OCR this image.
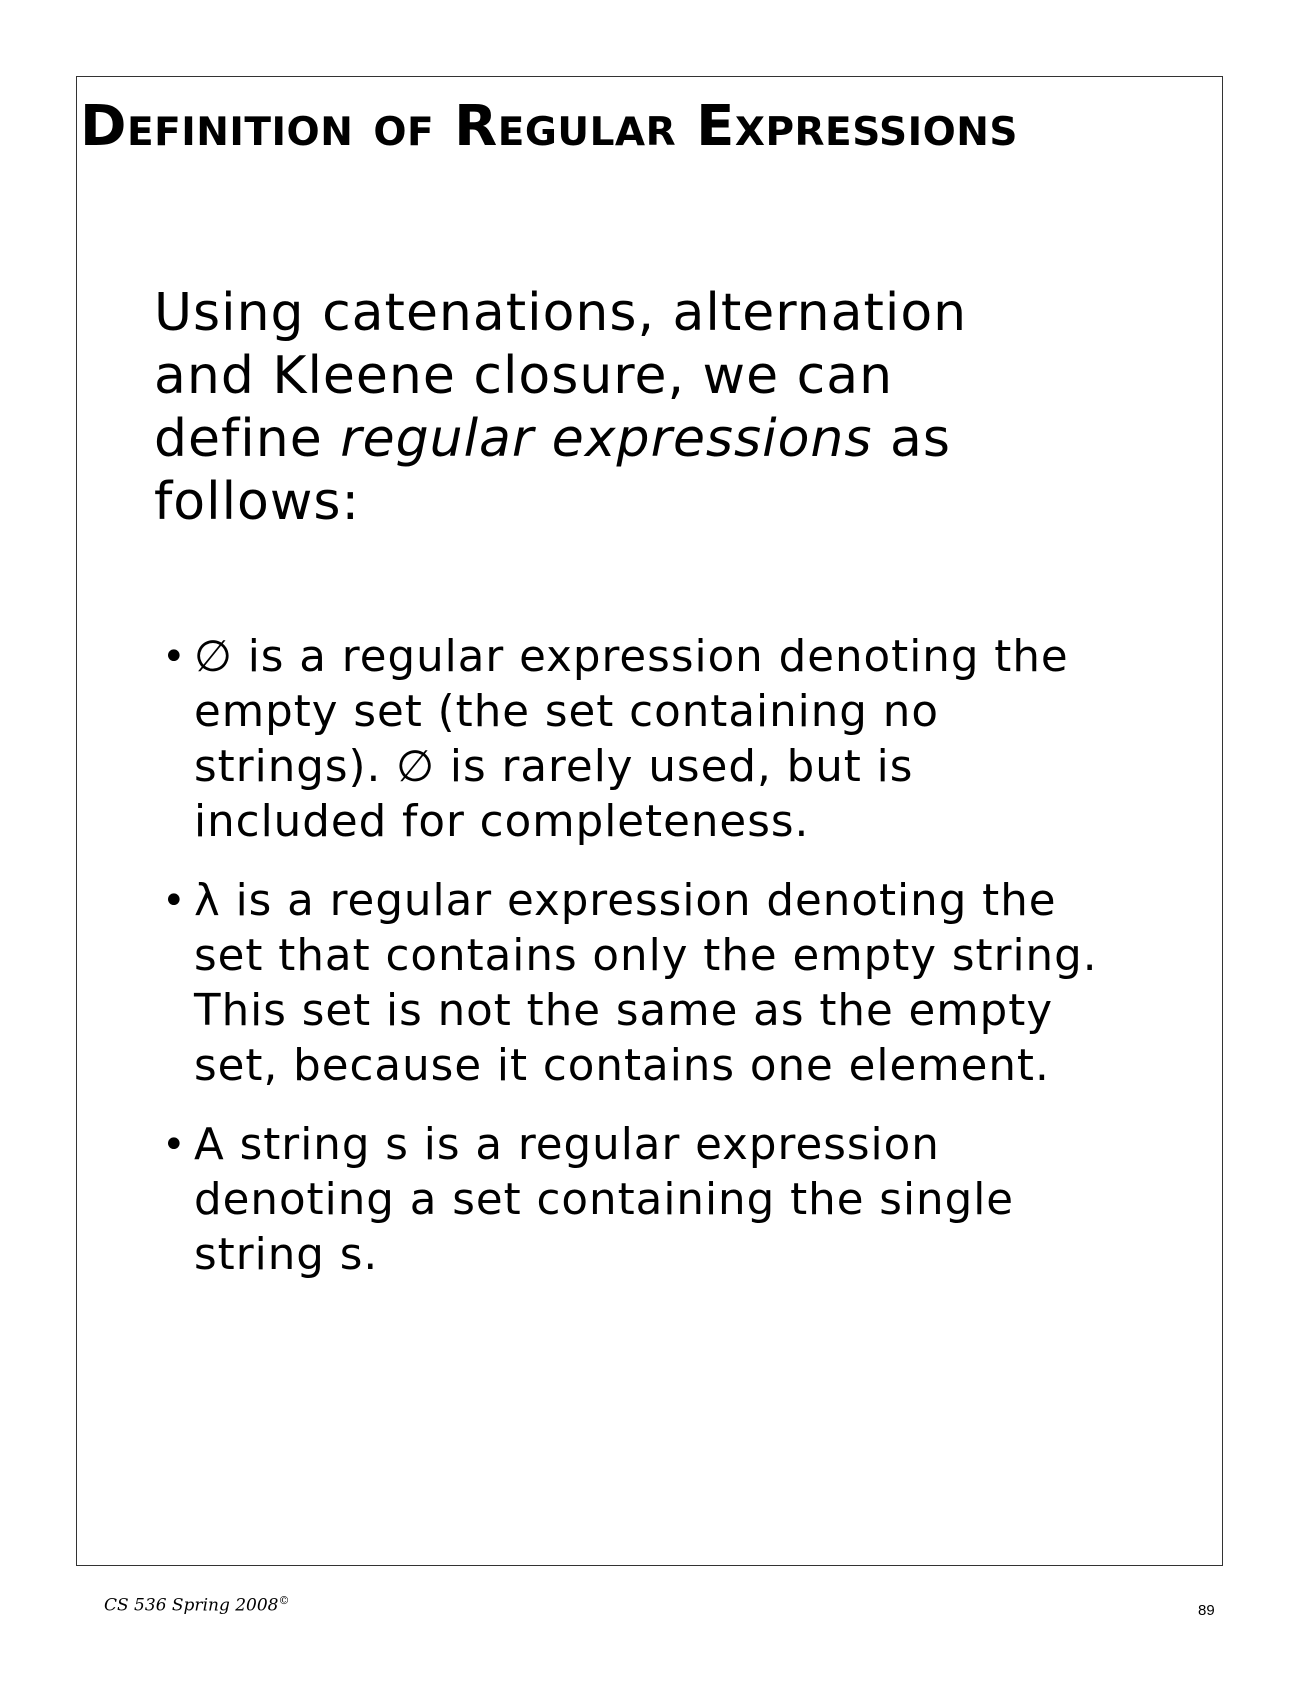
Definition of Regular Expressions

Using catenations, alternation and Kleene closure, we can define regular expressions as follows:

• ∅ is a regular expression denoting the empty set (the set containing no strings). ∅ is rarely used, but is included for completeness.
• λ is a regular expression denoting the set that contains only the empty string. This set is not the same as the empty set, because it contains one element.
• A string s is a regular expression denoting a set containing the single string s.
CS 536 Spring 2008©
89
